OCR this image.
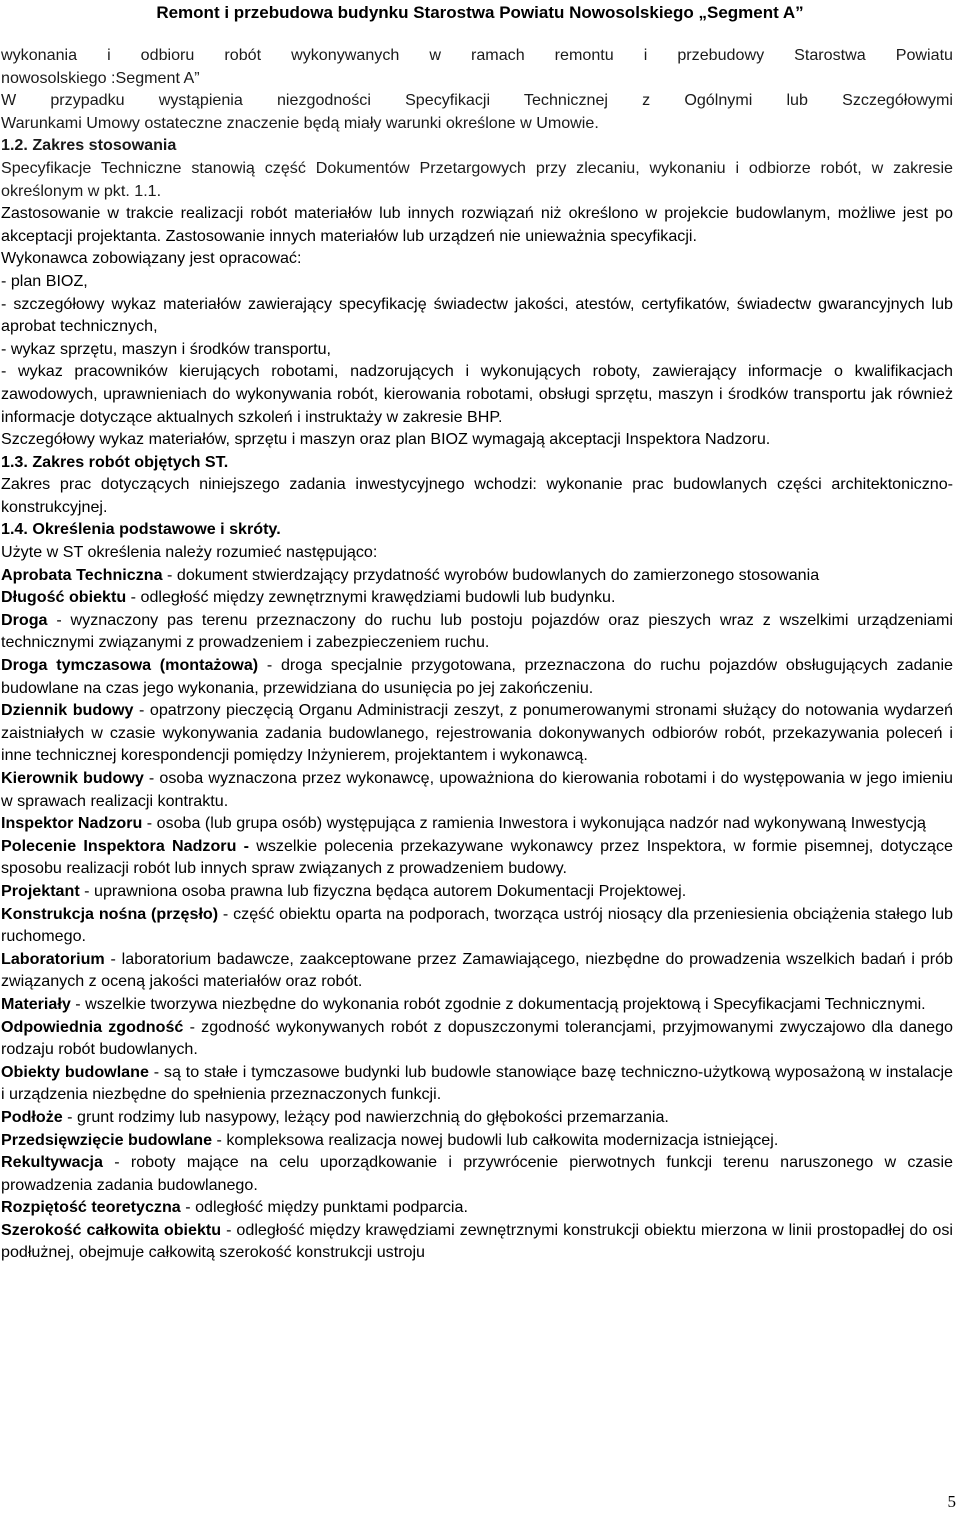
Remont i przebudowa budynku Starostwa Powiatu Nowosolskiego „Segment A”

wykonania i odbioru robót wykonywanych w ramach remontu i przebudowy Starostwa Powiatu

nowosolskiego :Segment A”

W przypadku wystąpienia niezgodności Specyfikacji Technicznej z Ogólnymi lub Szczegółowymi

Warunkami Umowy ostateczne znaczenie będą miały warunki określone w Umowie.

1.2. Zakres stosowania

Specyfikacje Techniczne stanowią część Dokumentów Przetargowych przy zlecaniu, wykonaniu i odbiorze robót, w zakresie określonym w pkt. 1.1.

Zastosowanie w trakcie realizacji robót materiałów lub innych rozwiązań niż określono w projekcie budowlanym, możliwe jest po akceptacji projektanta. Zastosowanie innych materiałów lub urządzeń nie unieważnia specyfikacji.

Wykonawca zobowiązany jest opracować:

- plan BIOZ,

- szczegółowy wykaz materiałów zawierający specyfikację świadectw jakości, atestów, certyfikatów, świadectw gwarancyjnych lub aprobat technicznych,

- wykaz sprzętu, maszyn i środków transportu,

- wykaz pracowników kierujących robotami, nadzorujących i wykonujących roboty, zawierający informacje o kwalifikacjach zawodowych, uprawnieniach do wykonywania robót, kierowania robotami, obsługi sprzętu, maszyn i środków transportu jak również informacje dotyczące aktualnych szkoleń i instruktaży w zakresie BHP.

Szczegółowy wykaz materiałów, sprzętu i maszyn oraz plan BIOZ wymagają akceptacji Inspektora Nadzoru.

1.3. Zakres robót objętych ST.

Zakres prac dotyczących niniejszego zadania inwestycyjnego wchodzi: wykonanie prac budowlanych części architektoniczno-konstrukcyjnej.

1.4. Określenia podstawowe i skróty.

Użyte w ST określenia należy rozumieć następująco:

Aprobata Techniczna - dokument stwierdzający przydatność wyrobów budowlanych do zamierzonego stosowania

Długość obiektu - odległość między zewnętrznymi krawędziami budowli lub budynku.

Droga - wyznaczony pas terenu przeznaczony do ruchu lub postoju pojazdów oraz pieszych wraz z wszelkimi urządzeniami technicznymi związanymi z prowadzeniem i zabezpieczeniem ruchu.

Droga tymczasowa (montażowa) - droga specjalnie przygotowana, przeznaczona do ruchu pojazdów obsługujących zadanie budowlane na czas jego wykonania, przewidziana do usunięcia po jej zakończeniu.

Dziennik budowy - opatrzony pieczęcią Organu Administracji zeszyt, z ponumerowanymi stronami służący do notowania wydarzeń zaistniałych w czasie wykonywania zadania budowlanego, rejestrowania dokonywanych odbiorów robót, przekazywania poleceń i inne technicznej korespondencji pomiędzy Inżynierem, projektantem i wykonawcą.

Kierownik budowy - osoba wyznaczona przez wykonawcę, upoważniona do kierowania robotami i do występowania w jego imieniu w sprawach realizacji kontraktu.

Inspektor Nadzoru - osoba (lub grupa osób) występująca z ramienia Inwestora i wykonująca nadzór nad wykonywaną Inwestycją

Polecenie Inspektora Nadzoru - wszelkie polecenia przekazywane wykonawcy przez Inspektora, w formie pisemnej, dotyczące sposobu realizacji robót lub innych spraw związanych z prowadzeniem budowy.

Projektant - uprawniona osoba prawna lub fizyczna będąca autorem Dokumentacji Projektowej.

Konstrukcja nośna (przęsło) - część obiektu oparta na podporach, tworząca ustrój niosący dla przeniesienia obciążenia stałego lub ruchomego.

Laboratorium - laboratorium badawcze, zaakceptowane przez Zamawiającego, niezbędne do prowadzenia wszelkich badań i prób związanych z oceną jakości materiałów oraz robót.

Materiały - wszelkie tworzywa niezbędne do wykonania robót zgodnie z dokumentacją projektową i Specyfikacjami Technicznymi.

Odpowiednia zgodność - zgodność wykonywanych robót z dopuszczonymi tolerancjami, przyjmowanymi zwyczajowo dla danego rodzaju robót budowlanych.

Obiekty budowlane - są to stałe i tymczasowe budynki lub budowle stanowiące bazę techniczno-użytkową wyposażoną w instalacje i urządzenia niezbędne do spełnienia przeznaczonych funkcji.

Podłoże - grunt rodzimy lub nasypowy, leżący pod nawierzchnią do głębokości przemarzania.

Przedsięwzięcie budowlane - kompleksowa realizacja nowej budowli lub całkowita modernizacja istniejącej.

Rekultywacja - roboty mające na celu uporządkowanie i przywrócenie pierwotnych funkcji terenu naruszonego w czasie prowadzenia zadania budowlanego.

Rozpiętość teoretyczna - odległość między punktami podparcia.

Szerokość całkowita obiektu - odległość między krawędziami zewnętrznymi konstrukcji obiektu mierzona w linii prostopadłej do osi podłużnej, obejmuje całkowitą szerokość konstrukcji ustroju

5
